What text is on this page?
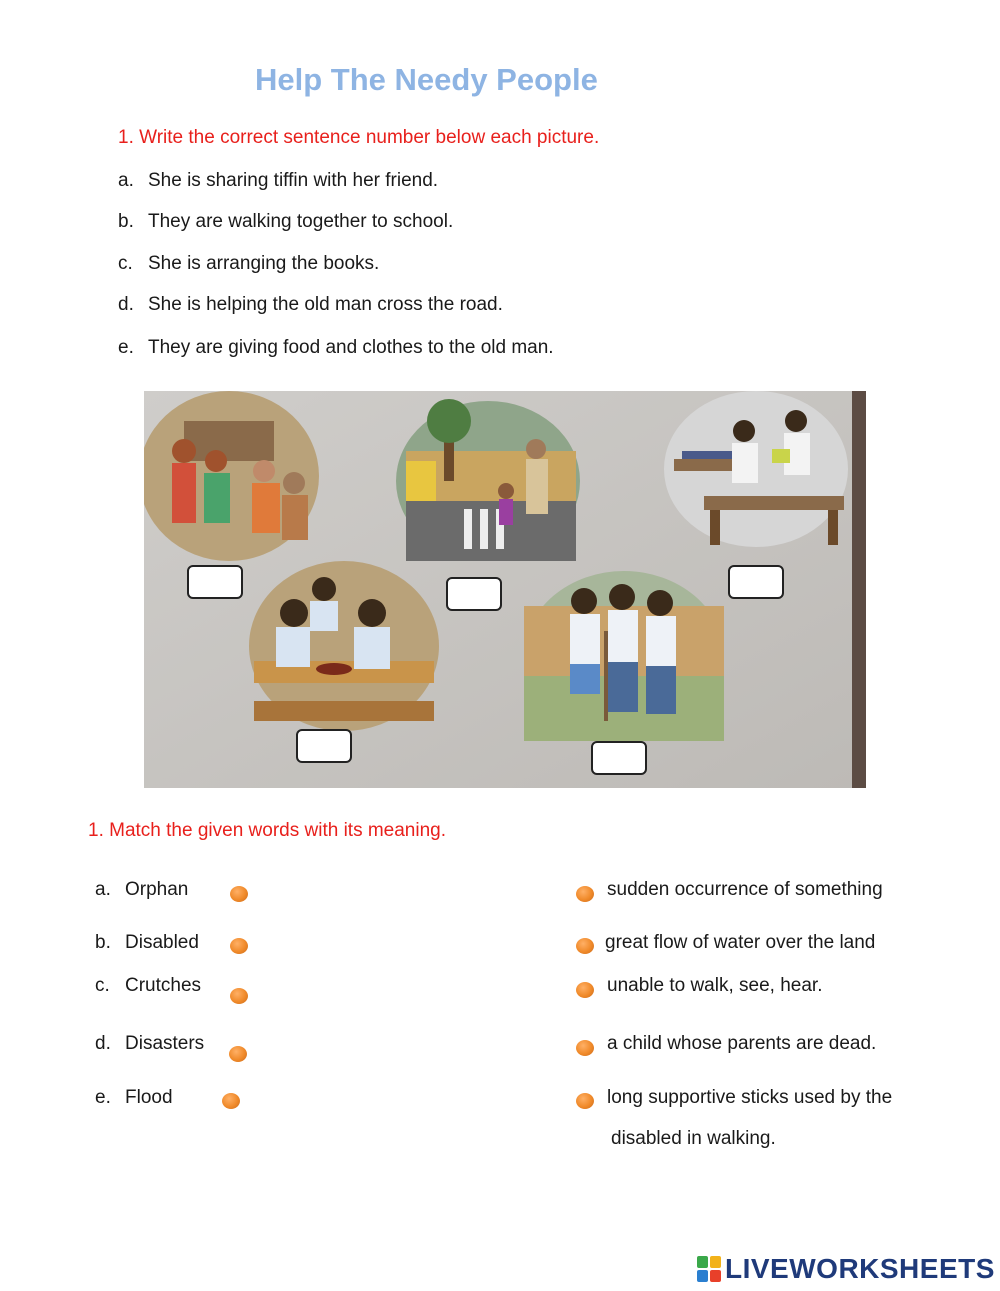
Help The Needy People
1. Write the correct sentence number below each picture.
a. She is sharing tiffin with her friend.
b. They are walking together to school.
c. She is arranging the books.
d. She is helping the old man cross the road.
e. They are giving food and clothes to the old man.
1. Match the given words with its meaning.
a. Orphan
b. Disabled
c. Crutches
d. Disasters
e. Flood
sudden occurrence of something
great flow of water over the land
unable to walk, see, hear.
a child whose parents are dead.
long supportive sticks used by the
disabled in walking.
LIVEWORKSHEETS
